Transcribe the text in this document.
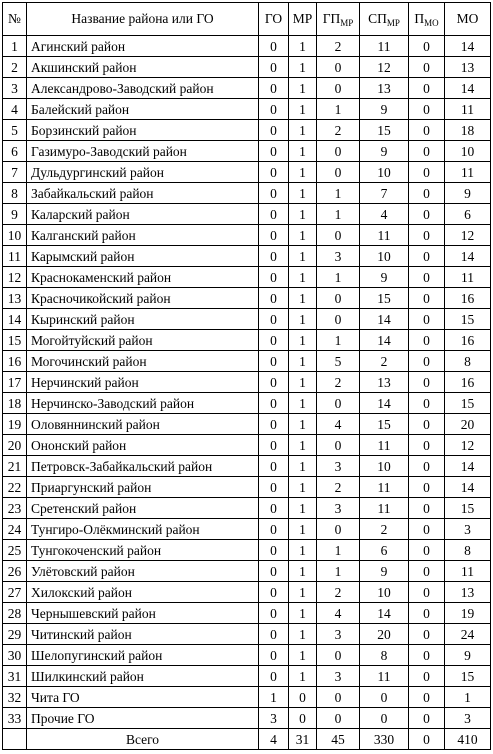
№	Название района или ГО	ГО	МР	$ГП_{МР}$	$СП_{МР}$	$П_{МО}$	МО
1	Агинский район	0	1	2	11	0	14
2	Акшинский район	0	1	0	12	0	13
3	Александрово-Заводский район	0	1	0	13	0	14
4	Балейский район	0	1	1	9	0	11
5	Борзинский район	0	1	2	15	0	18
6	Газимуро-Заводский район	0	1	0	9	0	10
7	Дульдургинский район	0	1	0	10	0	11
8	Забайкальский район	0	1	1	7	0	9
9	Каларский район	0	1	1	4	0	6
10	Калганский район	0	1	0	11	0	12
11	Карымский район	0	1	3	10	0	14
12	Краснокаменский район	0	1	1	9	0	11
13	Красночикойский район	0	1	0	15	0	16
14	Кыринский район	0	1	0	14	0	15
15	Могойтуйский район	0	1	1	14	0	16
16	Могочинский район	0	1	5	2	0	8
17	Нерчинский район	0	1	2	13	0	16
18	Нерчинско-Заводский район	0	1	0	14	0	15
19	Оловяннинский район	0	1	4	15	0	20
20	Ононский район	0	1	0	11	0	12
21	Петровск-Забайкальский район	0	1	3	10	0	14
22	Приаргунский район	0	1	2	11	0	14
23	Сретенский район	0	1	3	11	0	15
24	Тунгиро-Олёкминский район	0	1	0	2	0	3
25	Тунгокоченский район	0	1	1	6	0	8
26	Улётовский район	0	1	1	9	0	11
27	Хилокский район	0	1	2	10	0	13
28	Чернышевский район	0	1	4	14	0	19
29	Читинский район	0	1	3	20	0	24
30	Шелопугинский район	0	1	0	8	0	9
31	Шилкинский район	0	1	3	11	0	15
32	Чита ГО	1	0	0	0	0	1
33	Прочие ГО	3	0	0	0	0	3
	Всего	4	31	45	330	0	410
